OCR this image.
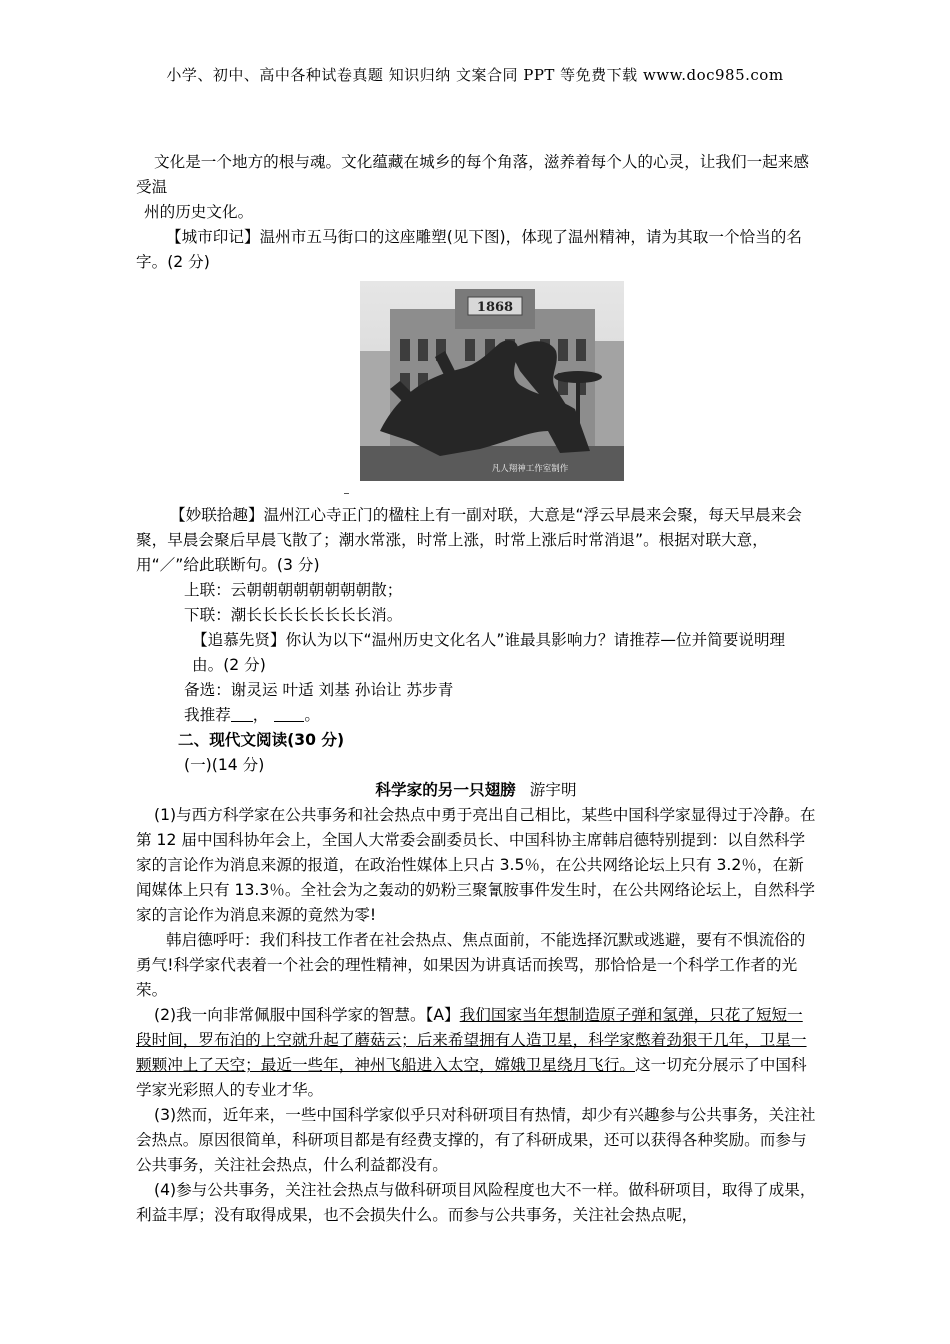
小学、初中、高中各种试卷真题 知识归纳 文案合同 PPT 等免费下载 www.doc985.com

文化是一个地方的根与魂。文化蕴藏在城乡的每个角落，滋养着每个人的心灵，让我们一起来感受温

州的历史文化。

【城市印记】温州市五马街口的这座雕塑(见下图)，体现了温州精神，请为其取一个恰当的名字。(2 分)

1868
凡人翔神工作室制作

【妙联拾趣】温州江心寺正门的楹柱上有一副对联，大意是“浮云早晨来会聚，每天早晨来会聚，早晨会聚后早晨飞散了；潮水常涨，时常上涨，时常上涨后时常消退”。根据对联大意，用“／”给此联断句。(3 分)

上联：云朝朝朝朝朝朝朝朝散；

下联：潮长长长长长长长长消。

【追慕先贤】你认为以下“温州历史文化名人”谁最具影响力？请推荐—位并简要说明理由。(2 分)

备选：谢灵运 叶适 刘基 孙诒让 苏步青

我推荐 ， 。

二、现代文阅读(30 分)

(一)(14 分)

科学家的另一只翅膀 游宇明

(1)与西方科学家在公共事务和社会热点中勇于亮出自己相比，某些中国科学家显得过于冷静。在第 12 届中国科协年会上，全国人大常委会副委员长、中国科协主席韩启德特别提到：以自然科学家的言论作为消息来源的报道，在政治性媒体上只占 3.5％，在公共网络论坛上只有 3.2％，在新闻媒体上只有 13.3％。全社会为之轰动的奶粉三聚氰胺事件发生时，在公共网络论坛上，自然科学家的言论作为消息来源的竟然为零!

韩启德呼吁：我们科技工作者在社会热点、焦点面前，不能选择沉默或逃避，要有不惧流俗的勇气!科学家代表着一个社会的理性精神，如果因为讲真话而挨骂，那恰恰是一个科学工作者的光荣。

(2)我一向非常佩服中国科学家的智慧。【A】我们国家当年想制造原子弹和氢弹，只花了短短一段时间，罗布泊的上空就升起了蘑菇云；后来希望拥有人造卫星，科学家憋着劲狠干几年，卫星一颗颗冲上了天空；最近一些年，神州飞船进入太空，嫦娥卫星绕月飞行。这一切充分展示了中国科学家光彩照人的专业才华。

(3)然而，近年来，一些中国科学家似乎只对科研项目有热情，却少有兴趣参与公共事务，关注社会热点。原因很简单，科研项目都是有经费支撑的，有了科研成果，还可以获得各种奖励。而参与公共事务，关注社会热点，什么利益都没有。

(4)参与公共事务，关注社会热点与做科研项目风险程度也大不一样。做科研项目，取得了成果，利益丰厚；没有取得成果，也不会损失什么。而参与公共事务，关注社会热点呢，
